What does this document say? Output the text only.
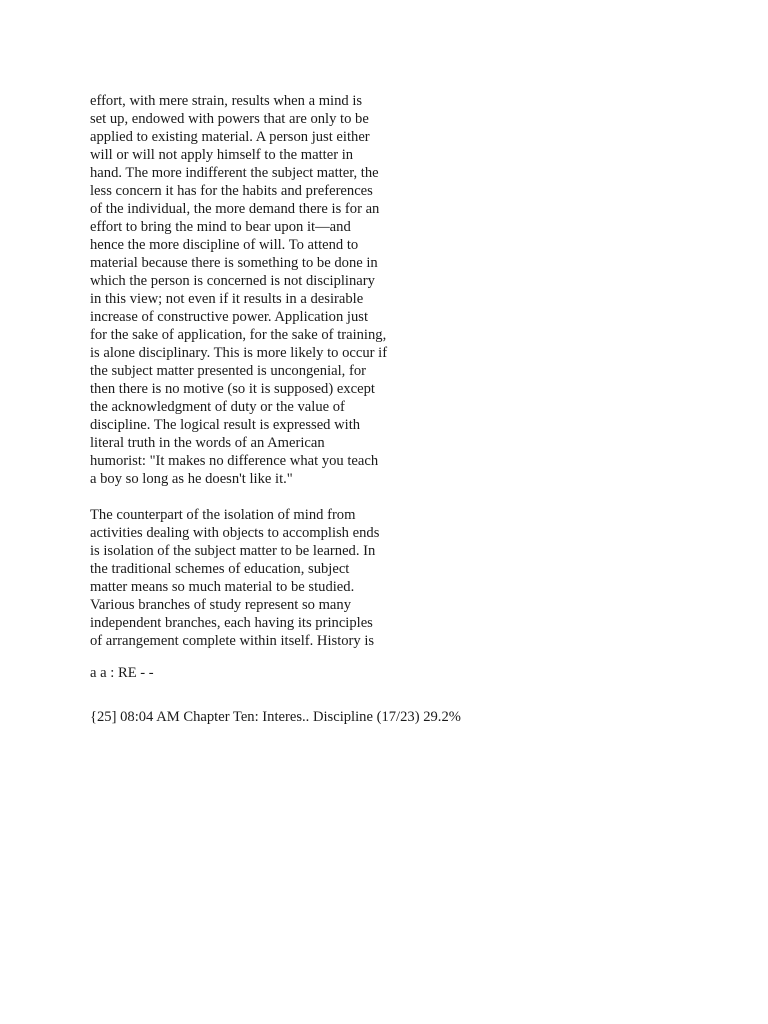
effort, with mere strain, results when a mind is
set up, endowed with powers that are only to be
applied to existing material. A person just either
will or will not apply himself to the matter in
hand. The more indifferent the subject matter, the
less concern it has for the habits and preferences
of the individual, the more demand there is for an
effort to bring the mind to bear upon it—and
hence the more discipline of will. To attend to
material because there is something to be done in
which the person is concerned is not disciplinary
in this view; not even if it results in a desirable
increase of constructive power. Application just
for the sake of application, for the sake of training,
is alone disciplinary. This is more likely to occur if
the subject matter presented is uncongenial, for
then there is no motive (so it is supposed) except
the acknowledgment of duty or the value of
discipline. The logical result is expressed with
literal truth in the words of an American
humorist: "It makes no difference what you teach
a boy so long as he doesn't like it."
The counterpart of the isolation of mind from
activities dealing with objects to accomplish ends
is isolation of the subject matter to be learned. In
the traditional schemes of education, subject
matter means so much material to be studied.
Various branches of study represent so many
independent branches, each having its principles
of arrangement complete within itself. History is
a a : RE - -
{25] 08:04 AM Chapter Ten: Interes.. Discipline (17/23) 29.2%
